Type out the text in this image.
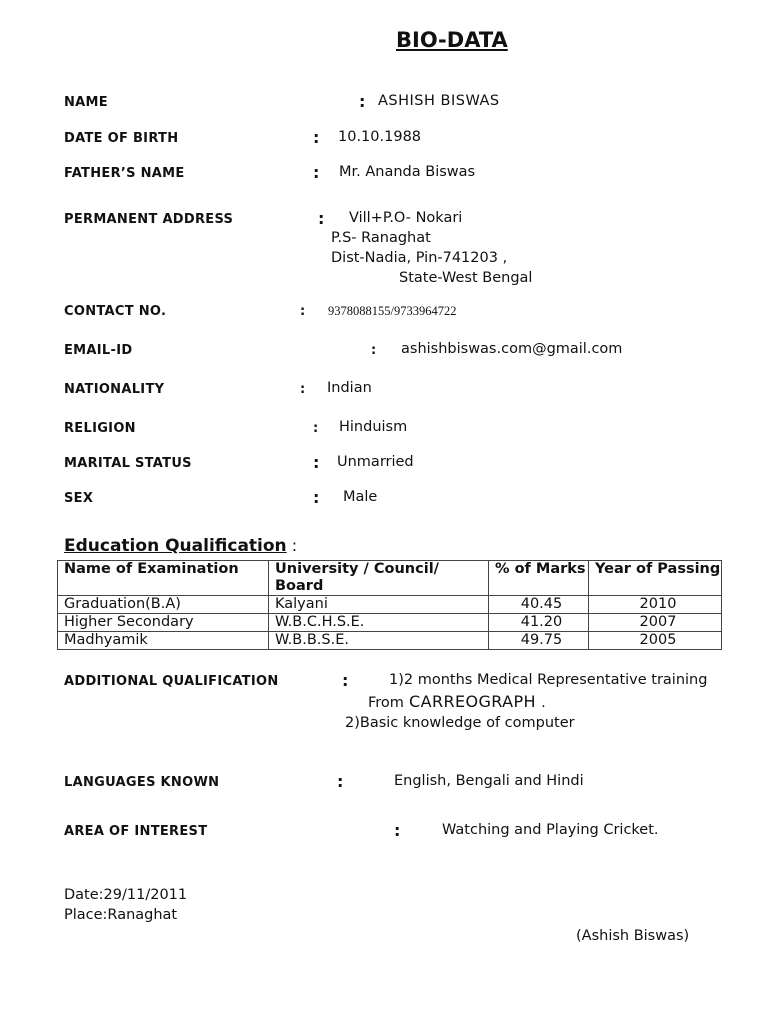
BIO-DATA
NAME	: ASHISH BISWAS
DATE OF BIRTH	: 10.10.1988
FATHER’S NAME	: Mr. Ananda Biswas
PERMANENT ADDRESS	: Vill+P.O- Nokari
P.S- Ranaghat
Dist-Nadia, Pin-741203 ,
State-West Bengal
CONTACT NO.	: 9378088155/9733964722
EMAIL-ID	: ashishbiswas.com@gmail.com
NATIONALITY	: Indian
RELIGION	: Hinduism
MARITAL STATUS	: Unmarried
SEX	: Male
Education Qualification :
Name of Examination	University / Council/ Board	% of Marks	Year of Passing
Graduation(B.A)	Kalyani	40.45	2010
Higher Secondary	W.B.C.H.S.E.	41.20	2007
Madhyamik	W.B.B.S.E.	49.75	2005
ADDITIONAL QUALIFICATION	:	1)2 months Medical Representative training
From CARREOGRAPH .
2)Basic knowledge of computer
LANGUAGES KNOWN	:	English, Bengali and Hindi
AREA OF INTEREST	:	Watching and Playing Cricket.
Date:29/11/2011
Place:Ranaghat
(Ashish Biswas)
